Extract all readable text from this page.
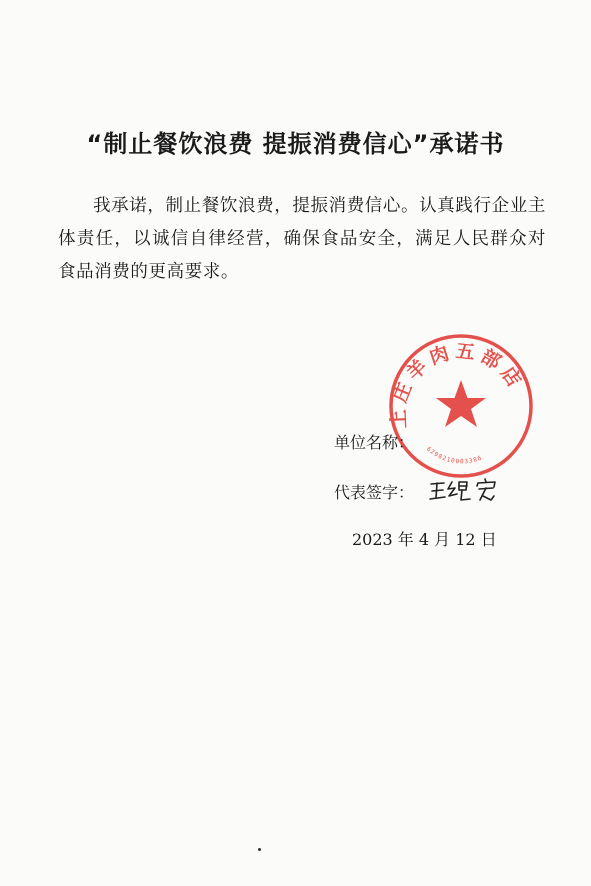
“制止餐饮浪费 提振消费信心”承诺书

我承诺，制止餐饮浪费，提振消费信心。认真践行企业主体责任，以诚信自律经营，确保食品安全，满足人民群众对食品消费的更高要求。

上庄羊肉五部店
6208210003386
单位名称：
代表签字：
2023 年 4 月 12 日
